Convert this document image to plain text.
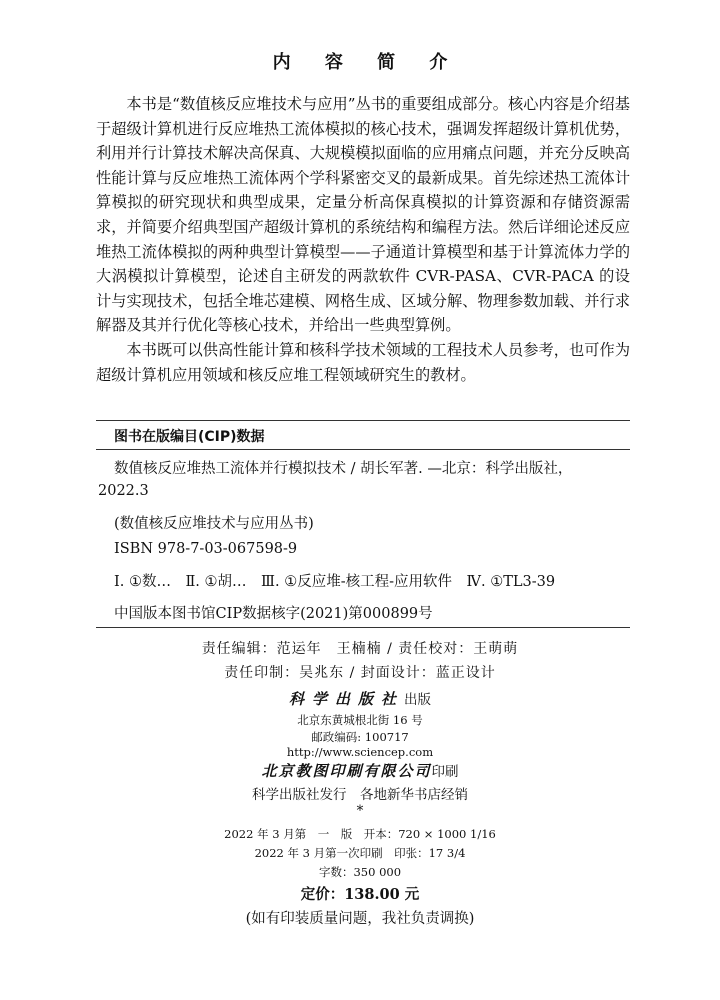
内 容 简 介

本书是“数值核反应堆技术与应用”丛书的重要组成部分。核心内容是介绍基于超级计算机进行反应堆热工流体模拟的核心技术，强调发挥超级计算机优势，利用并行计算技术解决高保真、大规模模拟面临的应用痛点问题，并充分反映高性能计算与反应堆热工流体两个学科紧密交叉的最新成果。首先综述热工流体计算模拟的研究现状和典型成果，定量分析高保真模拟的计算资源和存储资源需求，并简要介绍典型国产超级计算机的系统结构和编程方法。然后详细论述反应堆热工流体模拟的两种典型计算模型——子通道计算模型和基于计算流体力学的大涡模拟计算模型，论述自主研发的两款软件 CVR-PASA、CVR-PACA 的设计与实现技术，包括全堆芯建模、网格生成、区域分解、物理参数加载、并行求解器及其并行优化等核心技术，并给出一些典型算例。

本书既可以供高性能计算和核科学技术领域的工程技术人员参考，也可作为超级计算机应用领域和核反应堆工程领域研究生的教材。

图书在版编目(CIP)数据
数值核反应堆热工流体并行模拟技术 / 胡长军著. —北京：科学出版社，
2022.3
(数值核反应堆技术与应用丛书)
ISBN 978-7-03-067598-9
Ⅰ. ①数…　Ⅱ. ①胡…　Ⅲ. ①反应堆-核工程-应用软件　Ⅳ. ①TL3-39
中国版本图书馆CIP数据核字(2021)第000899号
责任编辑：范运年　王楠楠 / 责任校对：王萌萌
责任印制：吴兆东 / 封面设计：蓝正设计
科学出版社出版
北京东黄城根北街 16 号
邮政编码: 100717
http://www.sciencep.com
北京教图印刷有限公司印刷
科学出版社发行　各地新华书店经销
*
2022 年 3 月第　一　版　开本：720 × 1000 1/16
2022 年 3 月第一次印刷　印张：17 3/4
字数：350 000
定价：138.00 元
(如有印装质量问题，我社负责调换)
